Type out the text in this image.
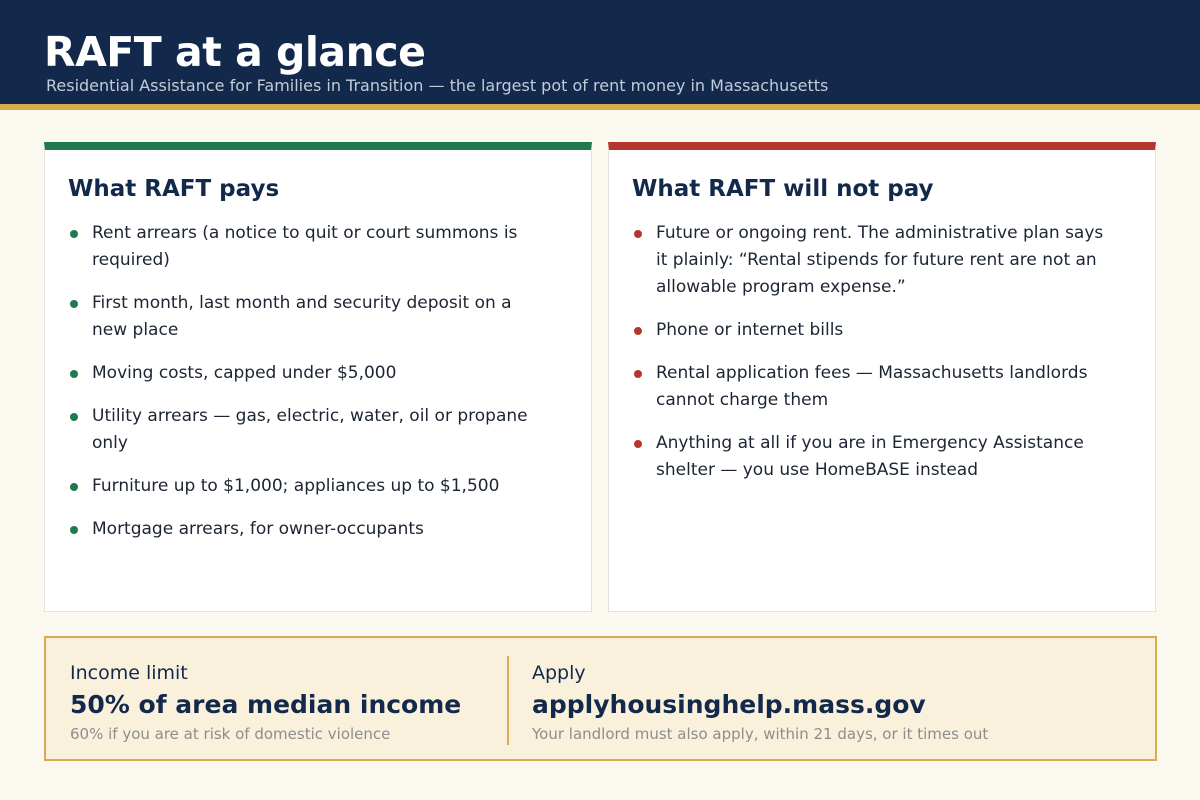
RAFT at a glance
Residential Assistance for Families in Transition — the largest pot of rent money in Massachusetts
What RAFT pays
Rent arrears (a notice to quit or court summons is required)
First month, last month and security deposit on a new place
Moving costs, capped under $5,000
Utility arrears — gas, electric, water, oil or propane only
Furniture up to $1,000; appliances up to $1,500
Mortgage arrears, for owner-occupants
What RAFT will not pay
Future or ongoing rent. The administrative plan says it plainly: “Rental stipends for future rent are not an allowable program expense.”
Phone or internet bills
Rental application fees — Massachusetts landlords cannot charge them
Anything at all if you are in Emergency Assistance shelter — you use HomeBASE instead
Income limit
50% of area median income
60% if you are at risk of domestic violence
Apply
applyhousinghelp.mass.gov
Your landlord must also apply, within 21 days, or it times out
